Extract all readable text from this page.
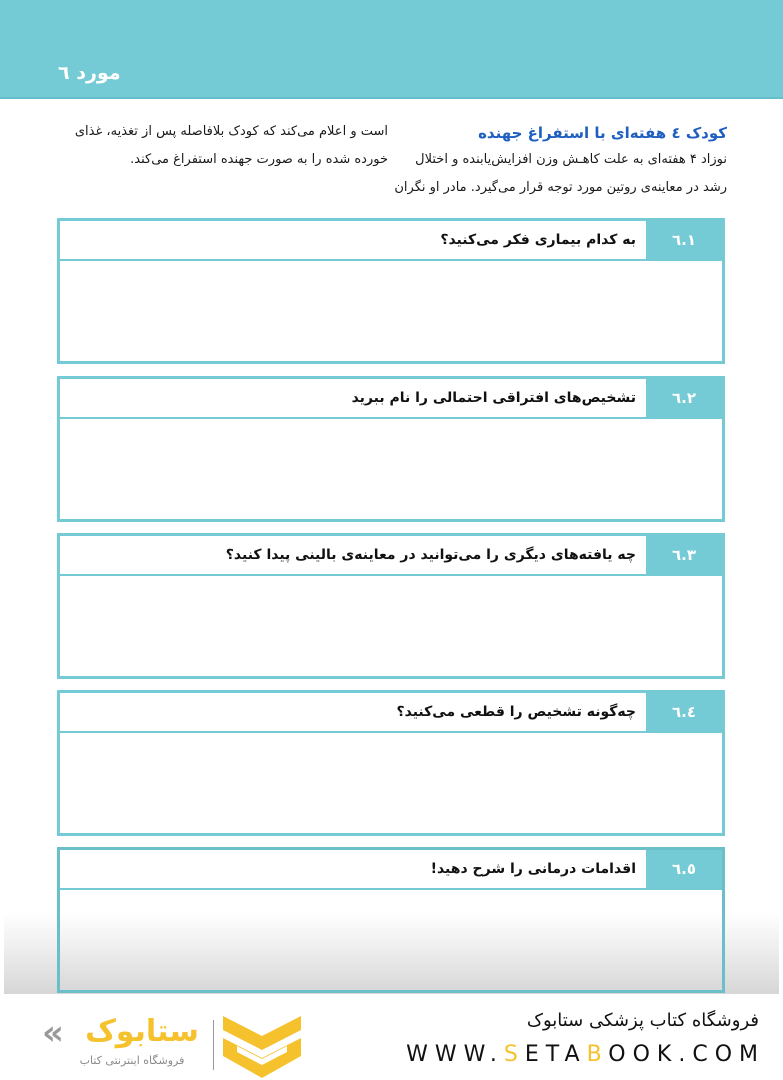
مورد ٦
کودک ٤ هفته‌ای با استفراغ جهنده
نوزاد ۴ هفته‌ای به علت کاهـش وزن افزایش‌یابنده و اختلال
رشد در معاینه‌ی روتین مورد توجه قرار می‌گیرد. مادر او نگران
است و اعلام می‌کند که کودک بلافاصله پس از تغذیه، غذای
خورده شده را به صورت جهنده استفراغ می‌کند.
٦.١
به کدام بیماری فکر می‌کنید؟
٦.٢
تشخیص‌های افتراقی احتمالی را نام ببرید
٦.٣
چه یافته‌های دیگری را می‌توانید در معاینه‌ی بالینی پیدا کنید؟
٦.٤
چه‌گونه تشخیص را قطعی می‌کنید؟
٦.٥
اقدامات درمانی را شرح دهید!
« ستابوک
فروشگاه اینترنتی کتاب
فروشگاه کتاب پزشکی ستابوک
WWW.SETABOOK.COM
